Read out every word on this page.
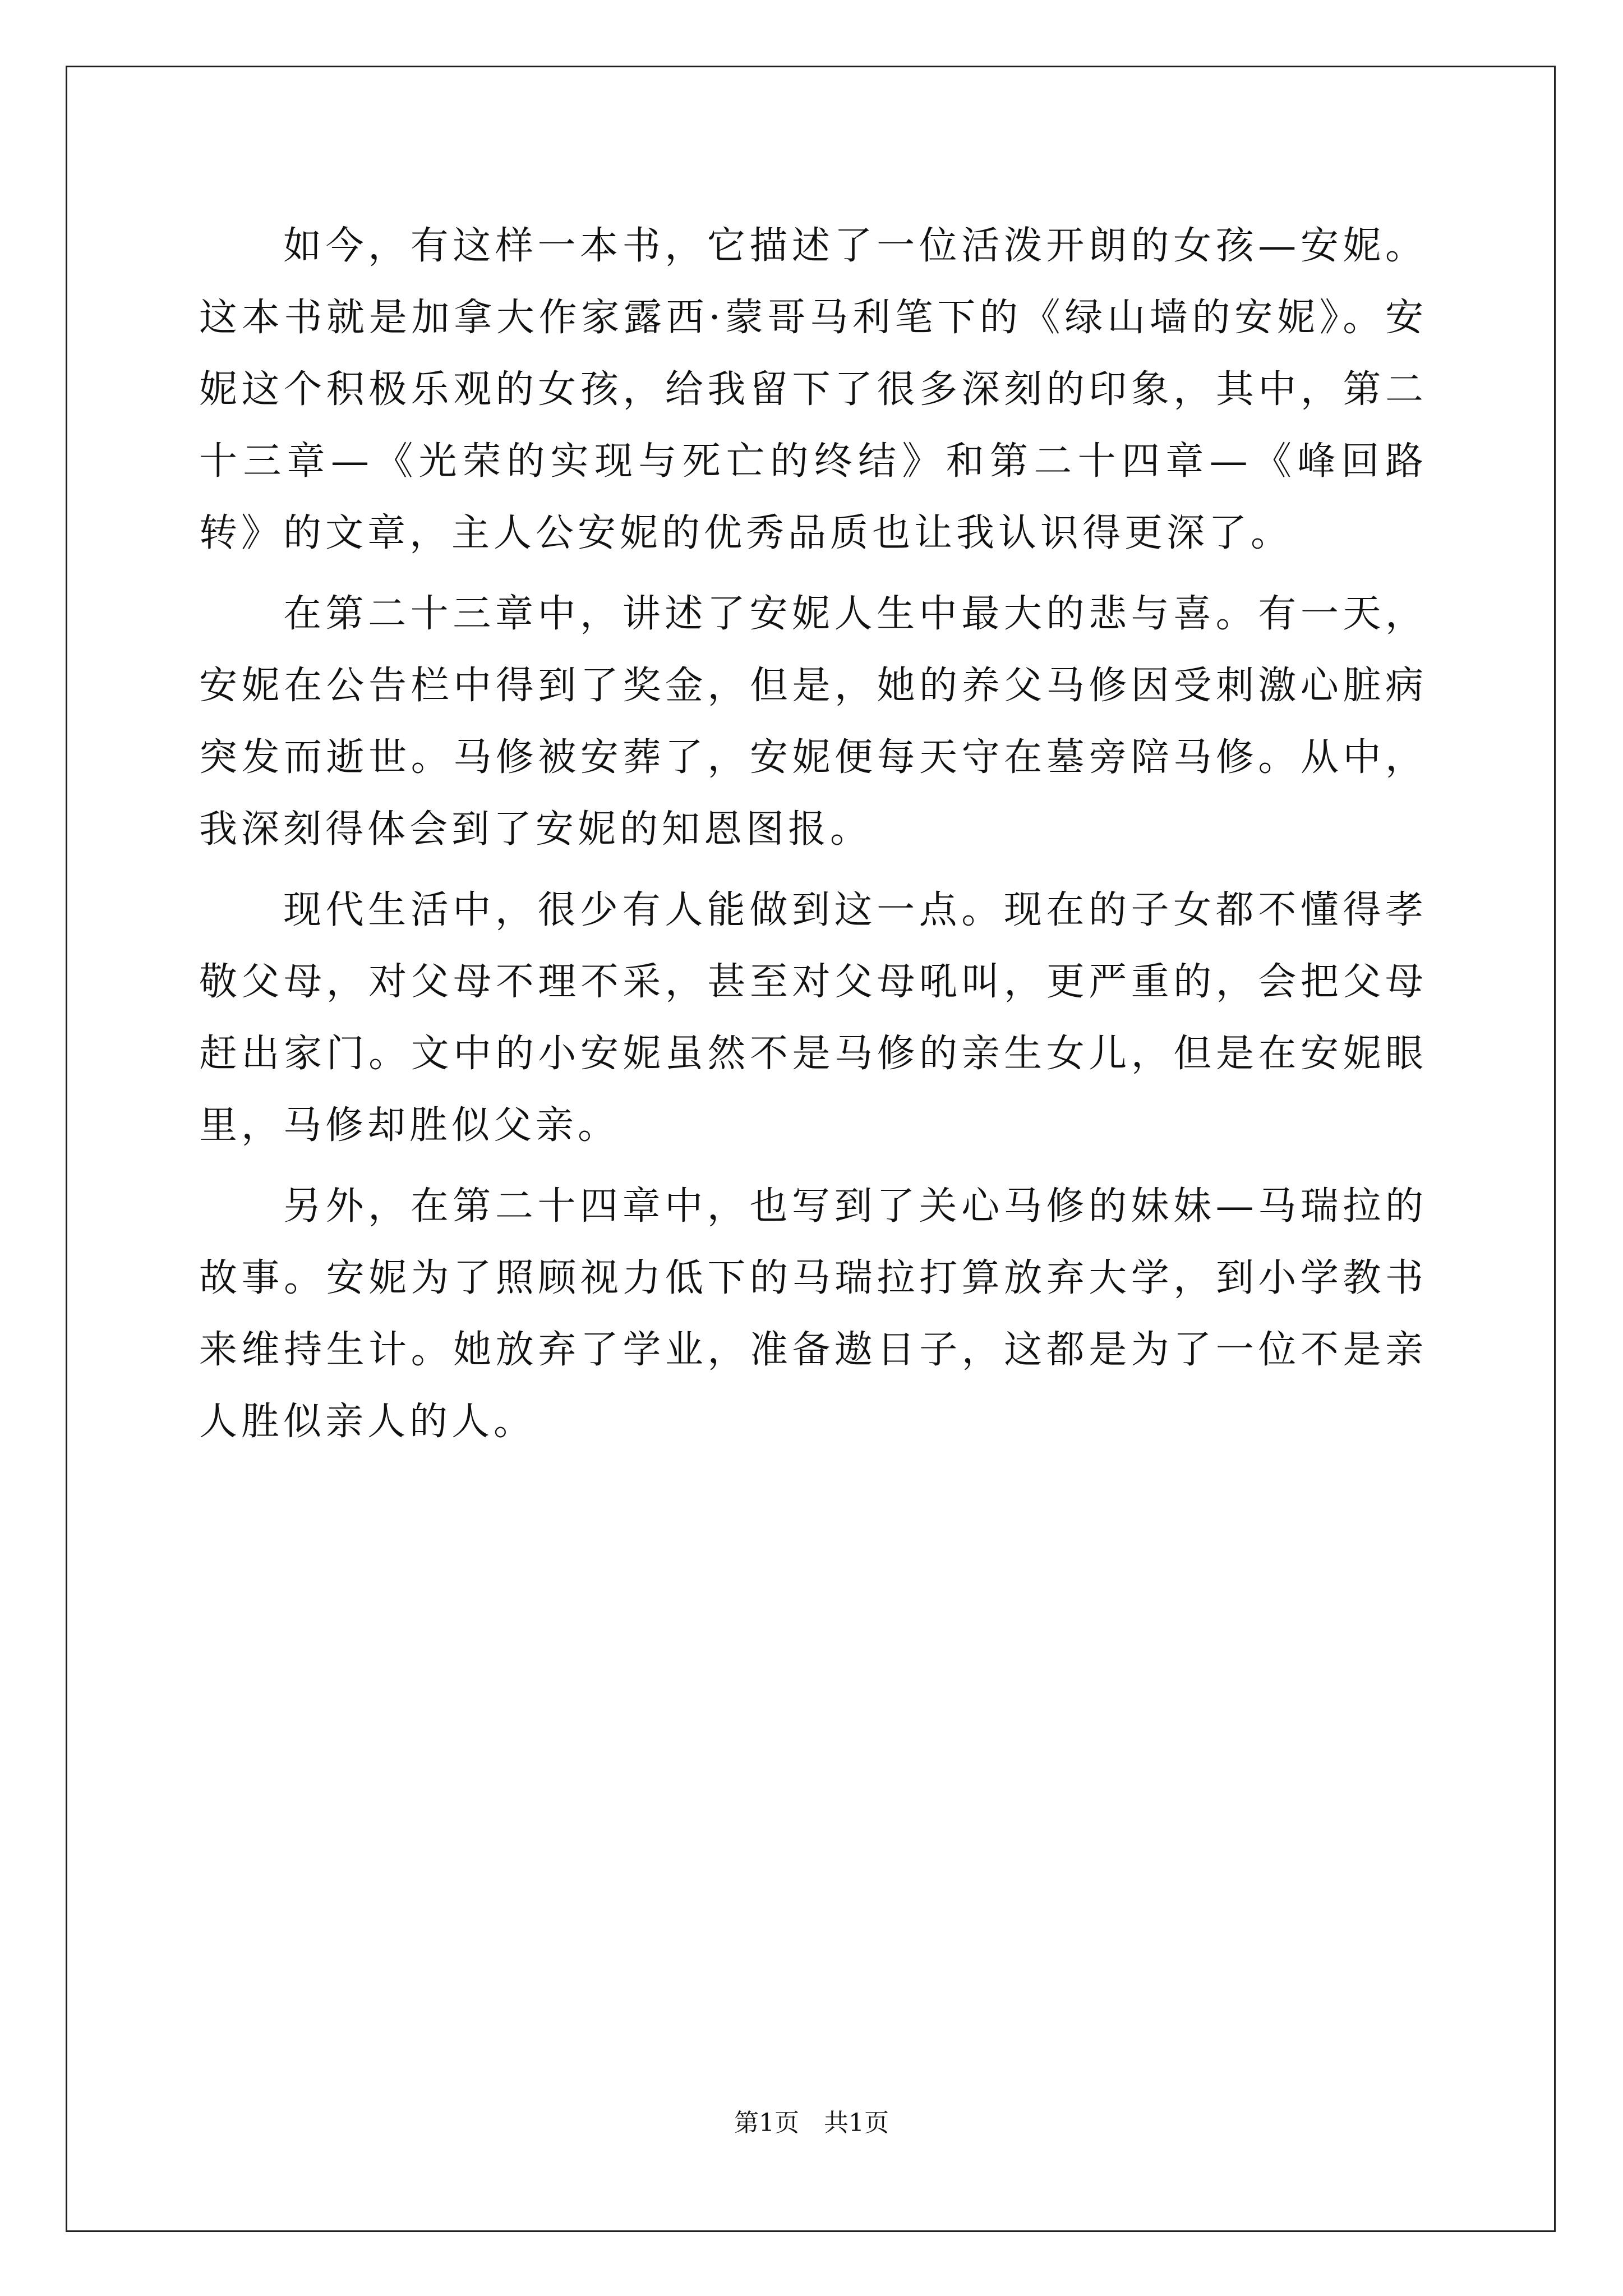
如今，有这样一本书，它描述了一位活泼开朗的女孩—安妮。这本书就是加拿大作家露西·蒙哥马利笔下的《绿山墙的安妮》。安妮这个积极乐观的女孩，给我留下了很多深刻的印象，其中，第二十三章—《光荣的实现与死亡的终结》和第二十四章—《峰回路转》的文章，主人公安妮的优秀品质也让我认识得更深了。

在第二十三章中，讲述了安妮人生中最大的悲与喜。有一天，安妮在公告栏中得到了奖金，但是，她的养父马修因受刺激心脏病突发而逝世。马修被安葬了，安妮便每天守在墓旁陪马修。从中，我深刻得体会到了安妮的知恩图报。

现代生活中，很少有人能做到这一点。现在的子女都不懂得孝敬父母，对父母不理不采，甚至对父母吼叫，更严重的，会把父母赶出家门。文中的小安妮虽然不是马修的亲生女儿，但是在安妮眼里，马修却胜似父亲。

另外，在第二十四章中，也写到了关心马修的妹妹—马瑞拉的故事。安妮为了照顾视力低下的马瑞拉打算放弃大学，到小学教书来维持生计。她放弃了学业，准备遨日子，这都是为了一位不是亲人胜似亲人的人。

第1页　共1页
